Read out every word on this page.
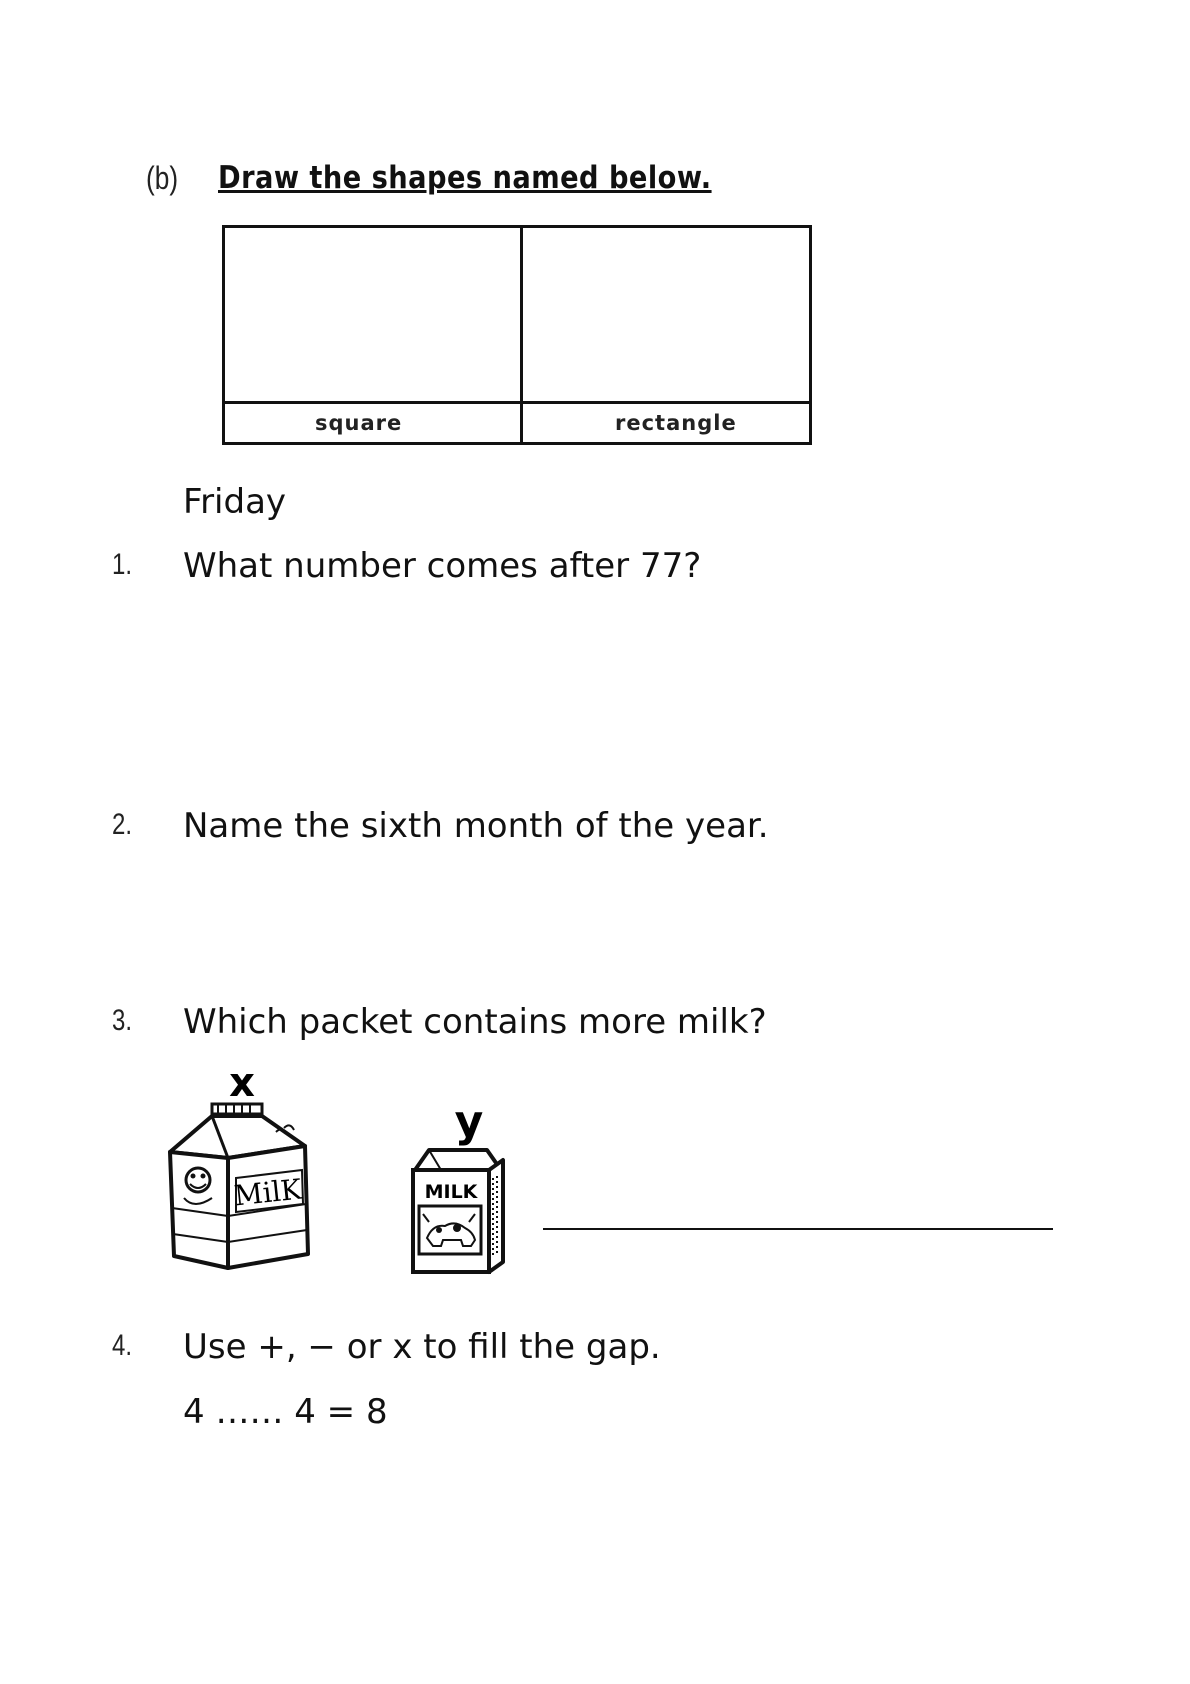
(b) Draw the shapes named below.
square	rectangle
Friday
1. What number comes after 77?
2. Name the sixth month of the year.
3. Which packet contains more milk?
x
MilK
y
MILK
4. Use +, − or x to fill the gap.
4 …… 4 = 8
